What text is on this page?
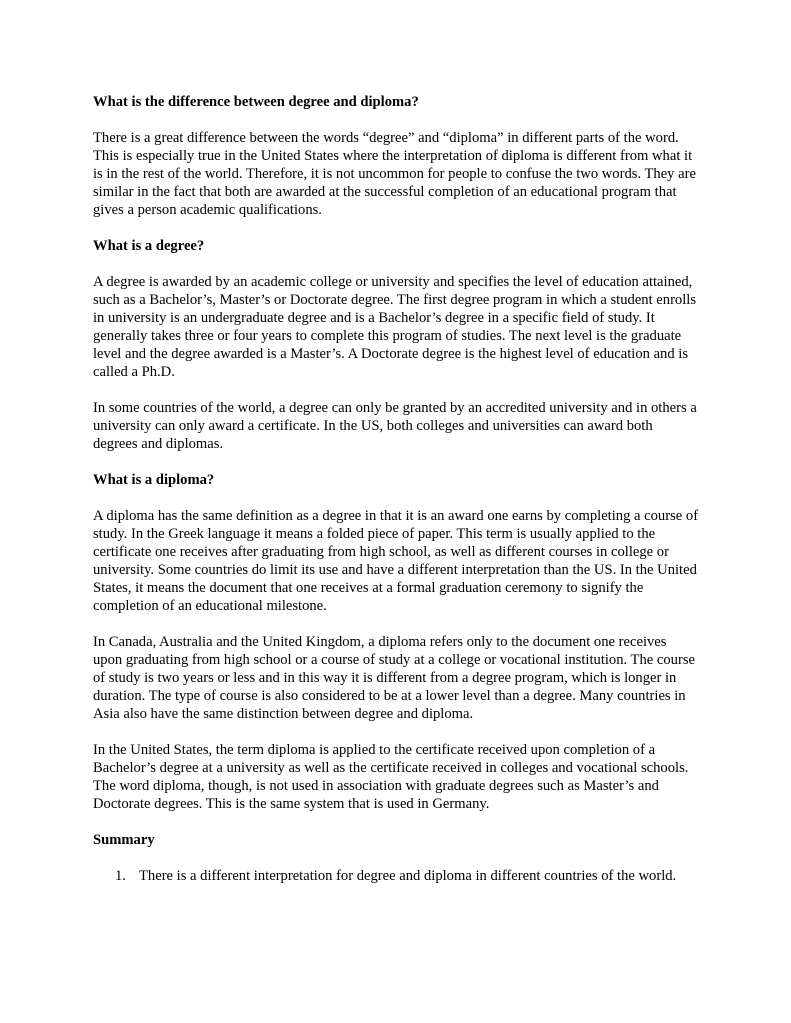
What is the difference between degree and diploma?

There is a great difference between the words “degree” and “diploma” in different parts of the word. This is especially true in the United States where the interpretation of diploma is different from what it is in the rest of the world. Therefore, it is not uncommon for people to confuse the two words. They are similar in the fact that both are awarded at the successful completion of an educational program that gives a person academic qualifications.

What is a degree?

A degree is awarded by an academic college or university and specifies the level of education attained, such as a Bachelor’s, Master’s or Doctorate degree. The first degree program in which a student enrolls in university is an undergraduate degree and is a Bachelor’s degree in a specific field of study. It generally takes three or four years to complete this program of studies. The next level is the graduate level and the degree awarded is a Master’s. A Doctorate degree is the highest level of education and is called a Ph.D.

In some countries of the world, a degree can only be granted by an accredited university and in others a university can only award a certificate. In the US, both colleges and universities can award both degrees and diplomas.

What is a diploma?

A diploma has the same definition as a degree in that it is an award one earns by completing a course of study. In the Greek language it means a folded piece of paper. This term is usually applied to the certificate one receives after graduating from high school, as well as different courses in college or university. Some countries do limit its use and have a different interpretation than the US. In the United States, it means the document that one receives at a formal graduation ceremony to signify the completion of an educational milestone.

In Canada, Australia and the United Kingdom, a diploma refers only to the document one receives upon graduating from high school or a course of study at a college or vocational institution. The course of study is two years or less and in this way it is different from a degree program, which is longer in duration. The type of course is also considered to be at a lower level than a degree. Many countries in Asia also have the same distinction between degree and diploma.

In the United States, the term diploma is applied to the certificate received upon completion of a Bachelor’s degree at a university as well as the certificate received in colleges and vocational schools. The word diploma, though, is not used in association with graduate degrees such as Master’s and Doctorate degrees. This is the same system that is used in Germany.

Summary

1. There is a different interpretation for degree and diploma in different countries of the world.
